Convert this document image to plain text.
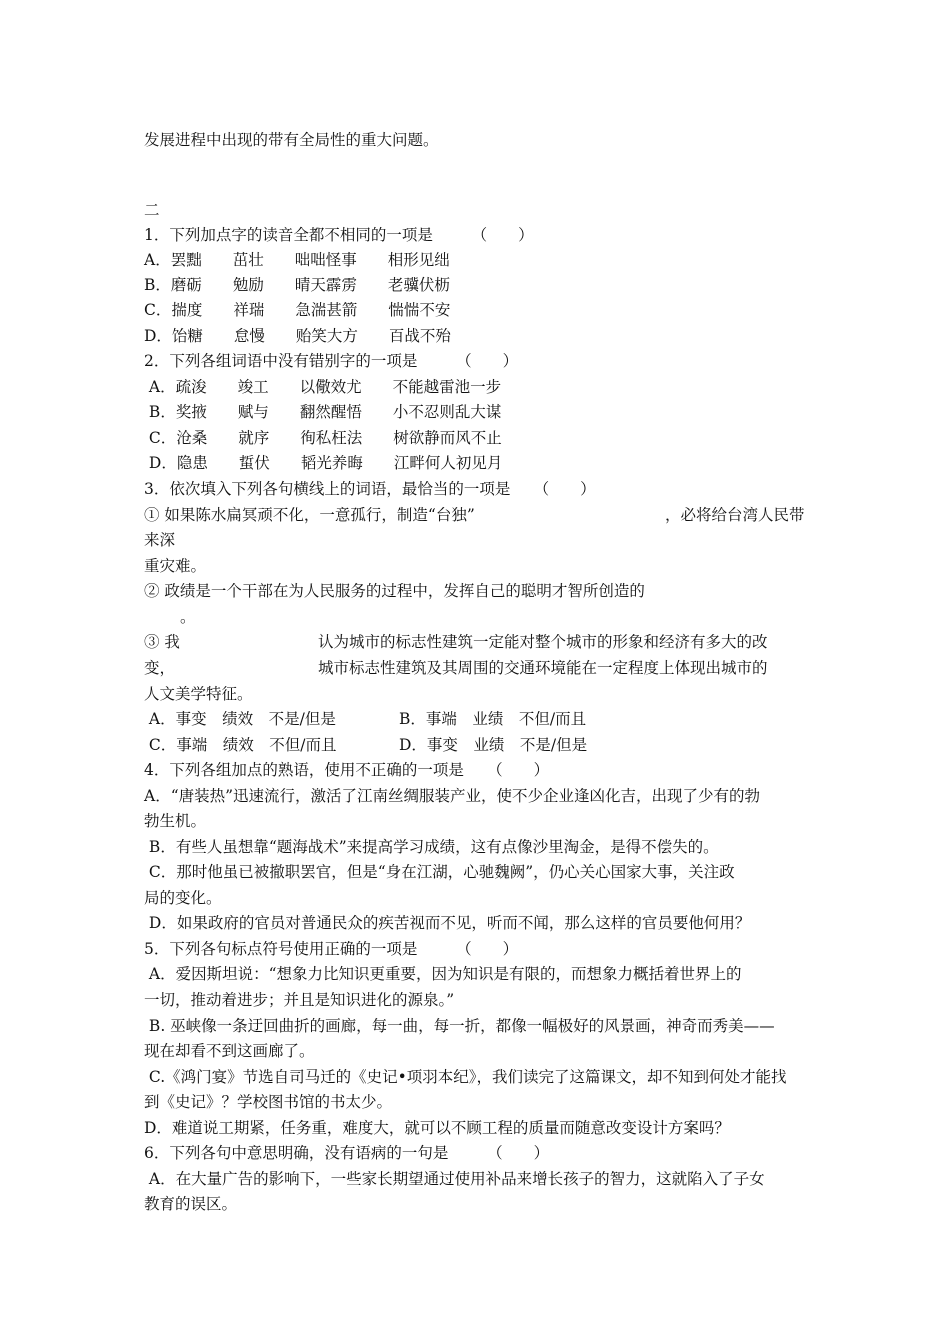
发展进程中出现的带有全局性的重大问题。
二
1．下列加点字的读音全都不相同的一项是　　　（　　）
A．罢黜　　茁壮　　咄咄怪事　　相形见绌
B．磨砺　　勉励　　晴天霹雳　　老骥伏枥
C．揣度　　祥瑞　　急湍甚箭　　惴惴不安
D．饴糖　　怠慢　　贻笑大方　　百战不殆
2．下列各组词语中没有错别字的一项是　　　（　　）
A．疏浚　　竣工　　以儆效尤　　不能越雷池一步
B．奖掖　　赋与　　翻然醒悟　　小不忍则乱大谋
C．沧桑　　就序　　徇私枉法　　树欲静而风不止
D．隐患　　蜇伏　　韬光养晦　　江畔何人初见月
3．依次填入下列各句横线上的词语，最恰当的一项是　　（　　）
① 如果陈水扁冥顽不化，一意孤行，制造“台独”	，必将给台湾人民带
来深
重灾难。
② 政绩是一个干部在为人民服务的过程中，发挥自己的聪明才智所创造的
。
③ 我	认为城市的标志性建筑一定能对整个城市的形象和经济有多大的改
变，	城市标志性建筑及其周围的交通环境能在一定程度上体现出城市的
人文美学特征。
A．事变　绩效　不是/但是	B．事端　业绩　不但/而且
C．事端　绩效　不但/而且	D．事变　业绩　不是/但是
4．下列各组加点的熟语，使用不正确的一项是　　（　　）
A．“唐装热”迅速流行，激活了江南丝绸服装产业，使不少企业逢凶化吉，出现了少有的勃
勃生机。
B．有些人虽想靠“题海战术”来提高学习成绩，这有点像沙里淘金，是得不偿失的。
C．那时他虽已被撤职罢官，但是“身在江湖，心驰魏阙”，仍心关心国家大事，关注政
局的变化。
D．如果政府的官员对普通民众的疾苦视而不见，听而不闻，那么这样的官员要他何用？
5．下列各句标点符号使用正确的一项是　　　（　　）
A．爱因斯坦说：“想象力比知识更重要，因为知识是有限的，而想象力概括着世界上的
一切，推动着进步；并且是知识进化的源泉。”
B. 巫峡像一条迂回曲折的画廊，每一曲，每一折，都像一幅极好的风景画，神奇而秀美——
现在却看不到这画廊了。
C.《鸿门宴》节选自司马迁的《史记•项羽本纪》，我们读完了这篇课文，却不知到何处才能找
到《史记》？学校图书馆的书太少。
D．难道说工期紧，任务重，难度大，就可以不顾工程的质量而随意改变设计方案吗？
6．下列各句中意思明确，没有语病的一句是　　　（　　）
A．在大量广告的影响下，一些家长期望通过使用补品来增长孩子的智力，这就陷入了子女
教育的误区。
